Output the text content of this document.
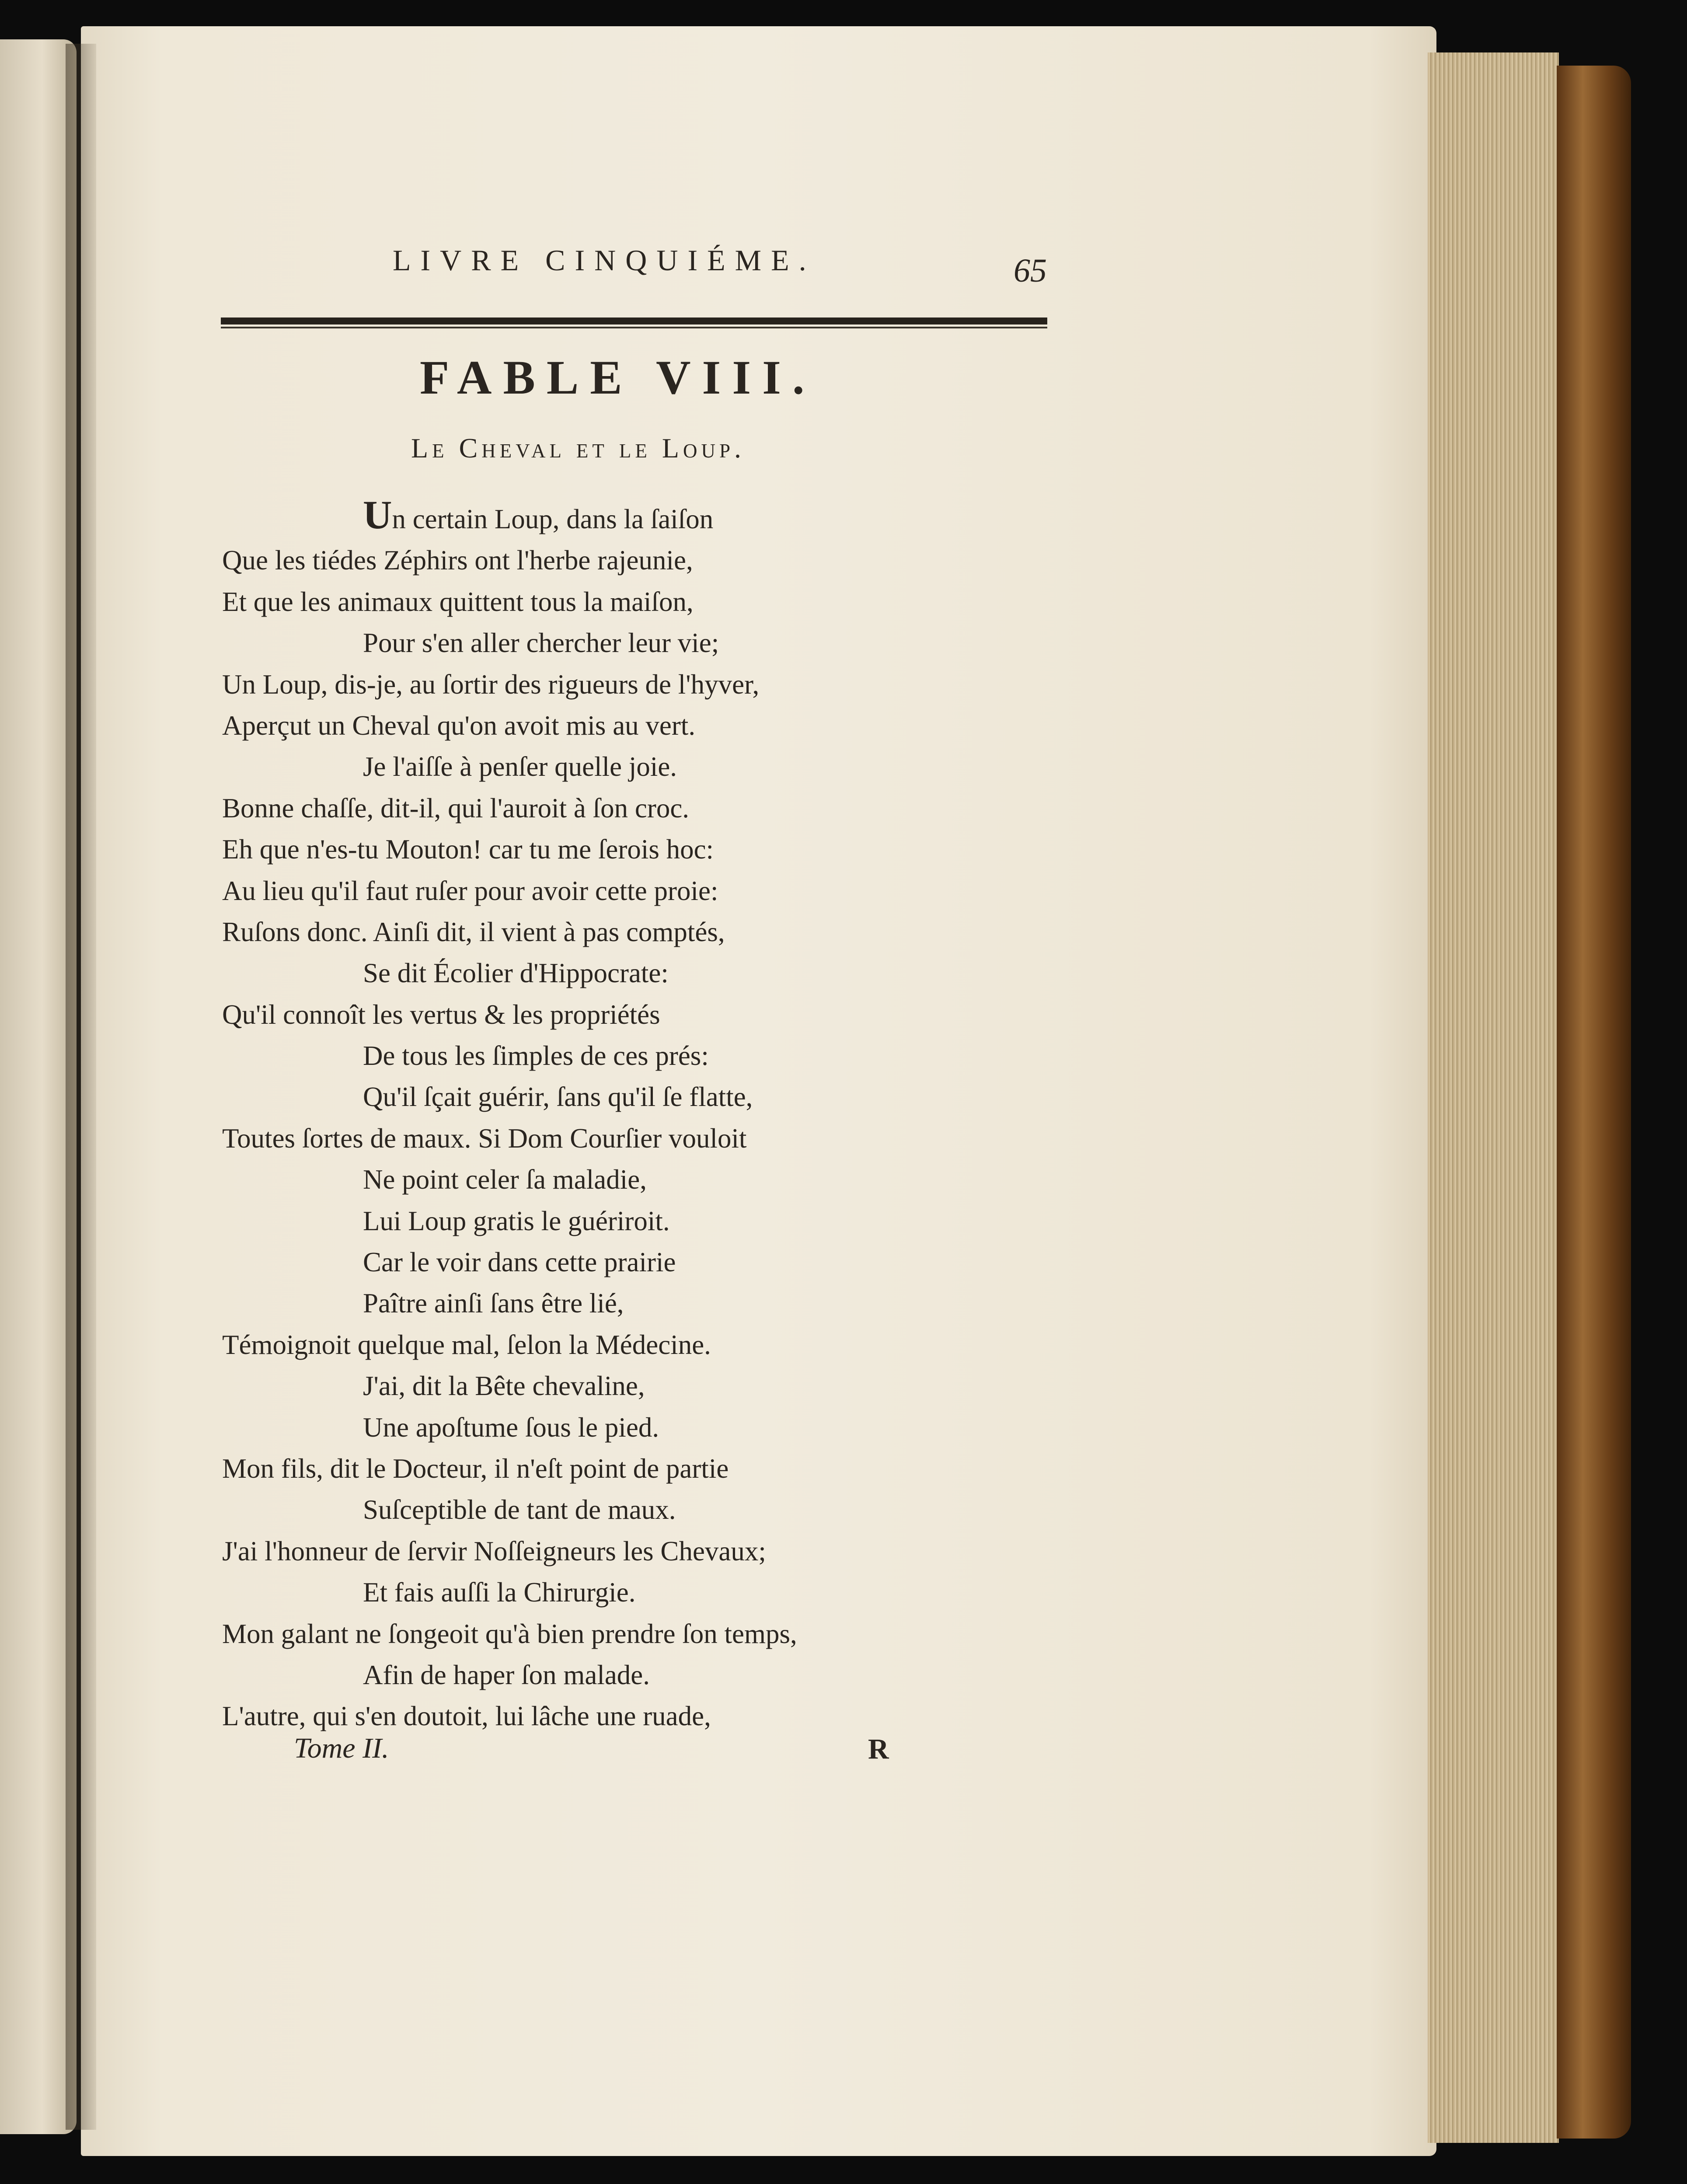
LIVRE CINQUIÉME.	65
FABLE VIII.
Le Cheval et le Loup.
Un certain Loup, dans la ſaiſon
Que les tiédes Zéphirs ont l'herbe rajeunie,
Et que les animaux quittent tous la maiſon,
Pour s'en aller chercher leur vie;
Un Loup, dis-je, au ſortir des rigueurs de l'hyver,
Aperçut un Cheval qu'on avoit mis au vert.
Je l'aiſſe à penſer quelle joie.
Bonne chaſſe, dit-il, qui l'auroit à ſon croc.
Eh que n'es-tu Mouton! car tu me ſerois hoc:
Au lieu qu'il faut ruſer pour avoir cette proie:
Ruſons donc. Ainſi dit, il vient à pas comptés,
Se dit Écolier d'Hippocrate:
Qu'il connoît les vertus & les propriétés
De tous les ſimples de ces prés:
Qu'il ſçait guérir, ſans qu'il ſe flatte,
Toutes ſortes de maux. Si Dom Courſier vouloit
Ne point celer ſa maladie,
Lui Loup gratis le guériroit.
Car le voir dans cette prairie
Paître ainſi ſans être lié,
Témoignoit quelque mal, ſelon la Médecine.
J'ai, dit la Bête chevaline,
Une apoſtume ſous le pied.
Mon fils, dit le Docteur, il n'eſt point de partie
Suſceptible de tant de maux.
J'ai l'honneur de ſervir Noſſeigneurs les Chevaux;
Et fais auſſi la Chirurgie.
Mon galant ne ſongeoit qu'à bien prendre ſon temps,
Afin de haper ſon malade.
L'autre, qui s'en doutoit, lui lâche une ruade,
Tome II.	R
